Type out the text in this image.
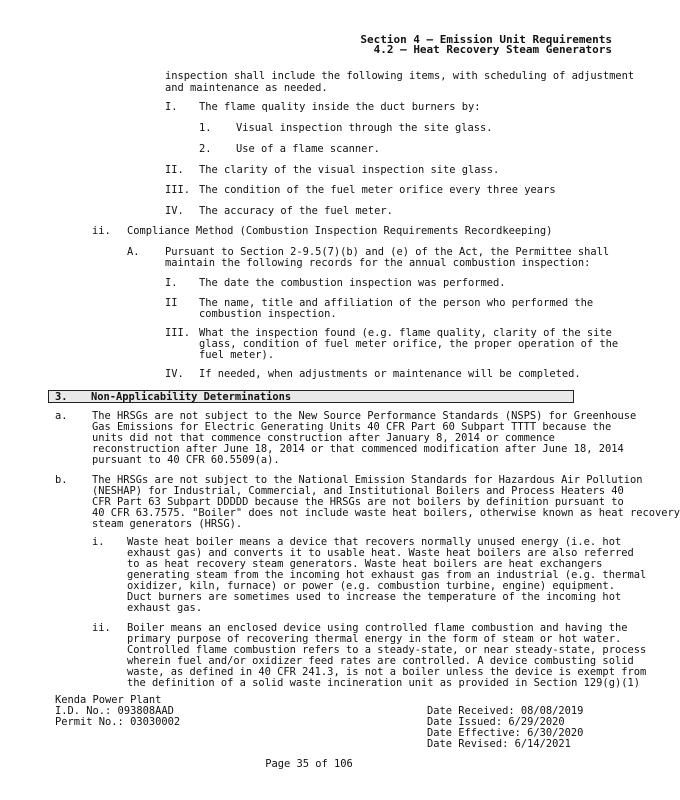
Section 4 – Emission Unit Requirements
4.2 – Heat Recovery Steam Generators
inspection shall include the following items, with scheduling of adjustment
and maintenance as needed.
I. The flame quality inside the duct burners by:
1. Visual inspection through the site glass.
2. Use of a flame scanner.
II. The clarity of the visual inspection site glass.
III. The condition of the fuel meter orifice every three years
IV. The accuracy of the fuel meter.
ii. Compliance Method (Combustion Inspection Requirements Recordkeeping)
A. Pursuant to Section 2-9.5(7)(b) and (e) of the Act, the Permittee shall
maintain the following records for the annual combustion inspection:
I. The date the combustion inspection was performed.
II The name, title and affiliation of the person who performed the
combustion inspection.
III. What the inspection found (e.g. flame quality, clarity of the site
glass, condition of fuel meter orifice, the proper operation of the
fuel meter).
IV. If needed, when adjustments or maintenance will be completed.
3. Non-Applicability Determinations
a. The HRSGs are not subject to the New Source Performance Standards (NSPS) for Greenhouse
Gas Emissions for Electric Generating Units 40 CFR Part 60 Subpart TTTT because the
units did not that commence construction after January 8, 2014 or commence
reconstruction after June 18, 2014 or that commenced modification after June 18, 2014
pursuant to 40 CFR 60.5509(a).
b. The HRSGs are not subject to the National Emission Standards for Hazardous Air Pollution
(NESHAP) for Industrial, Commercial, and Institutional Boilers and Process Heaters 40
CFR Part 63 Subpart DDDDD because the HRSGs are not boilers by definition pursuant to
40 CFR 63.7575. "Boiler" does not include waste heat boilers, otherwise known as heat recovery
steam generators (HRSG).
i. Waste heat boiler means a device that recovers normally unused energy (i.e. hot
exhaust gas) and converts it to usable heat. Waste heat boilers are also referred
to as heat recovery steam generators. Waste heat boilers are heat exchangers
generating steam from the incoming hot exhaust gas from an industrial (e.g. thermal
oxidizer, kiln, furnace) or power (e.g. combustion turbine, engine) equipment.
Duct burners are sometimes used to increase the temperature of the incoming hot
exhaust gas.
ii. Boiler means an enclosed device using controlled flame combustion and having the
primary purpose of recovering thermal energy in the form of steam or hot water.
Controlled flame combustion refers to a steady-state, or near steady-state, process
wherein fuel and/or oxidizer feed rates are controlled. A device combusting solid
waste, as defined in 40 CFR 241.3, is not a boiler unless the device is exempt from
the definition of a solid waste incineration unit as provided in Section 129(g)(1)
Kenda Power Plant
I.D. No.: 093808AAD
Permit No.: 03030002
Date Received: 08/08/2019
Date Issued: 6/29/2020
Date Effective: 6/30/2020
Date Revised: 6/14/2021
Page 35 of 106
